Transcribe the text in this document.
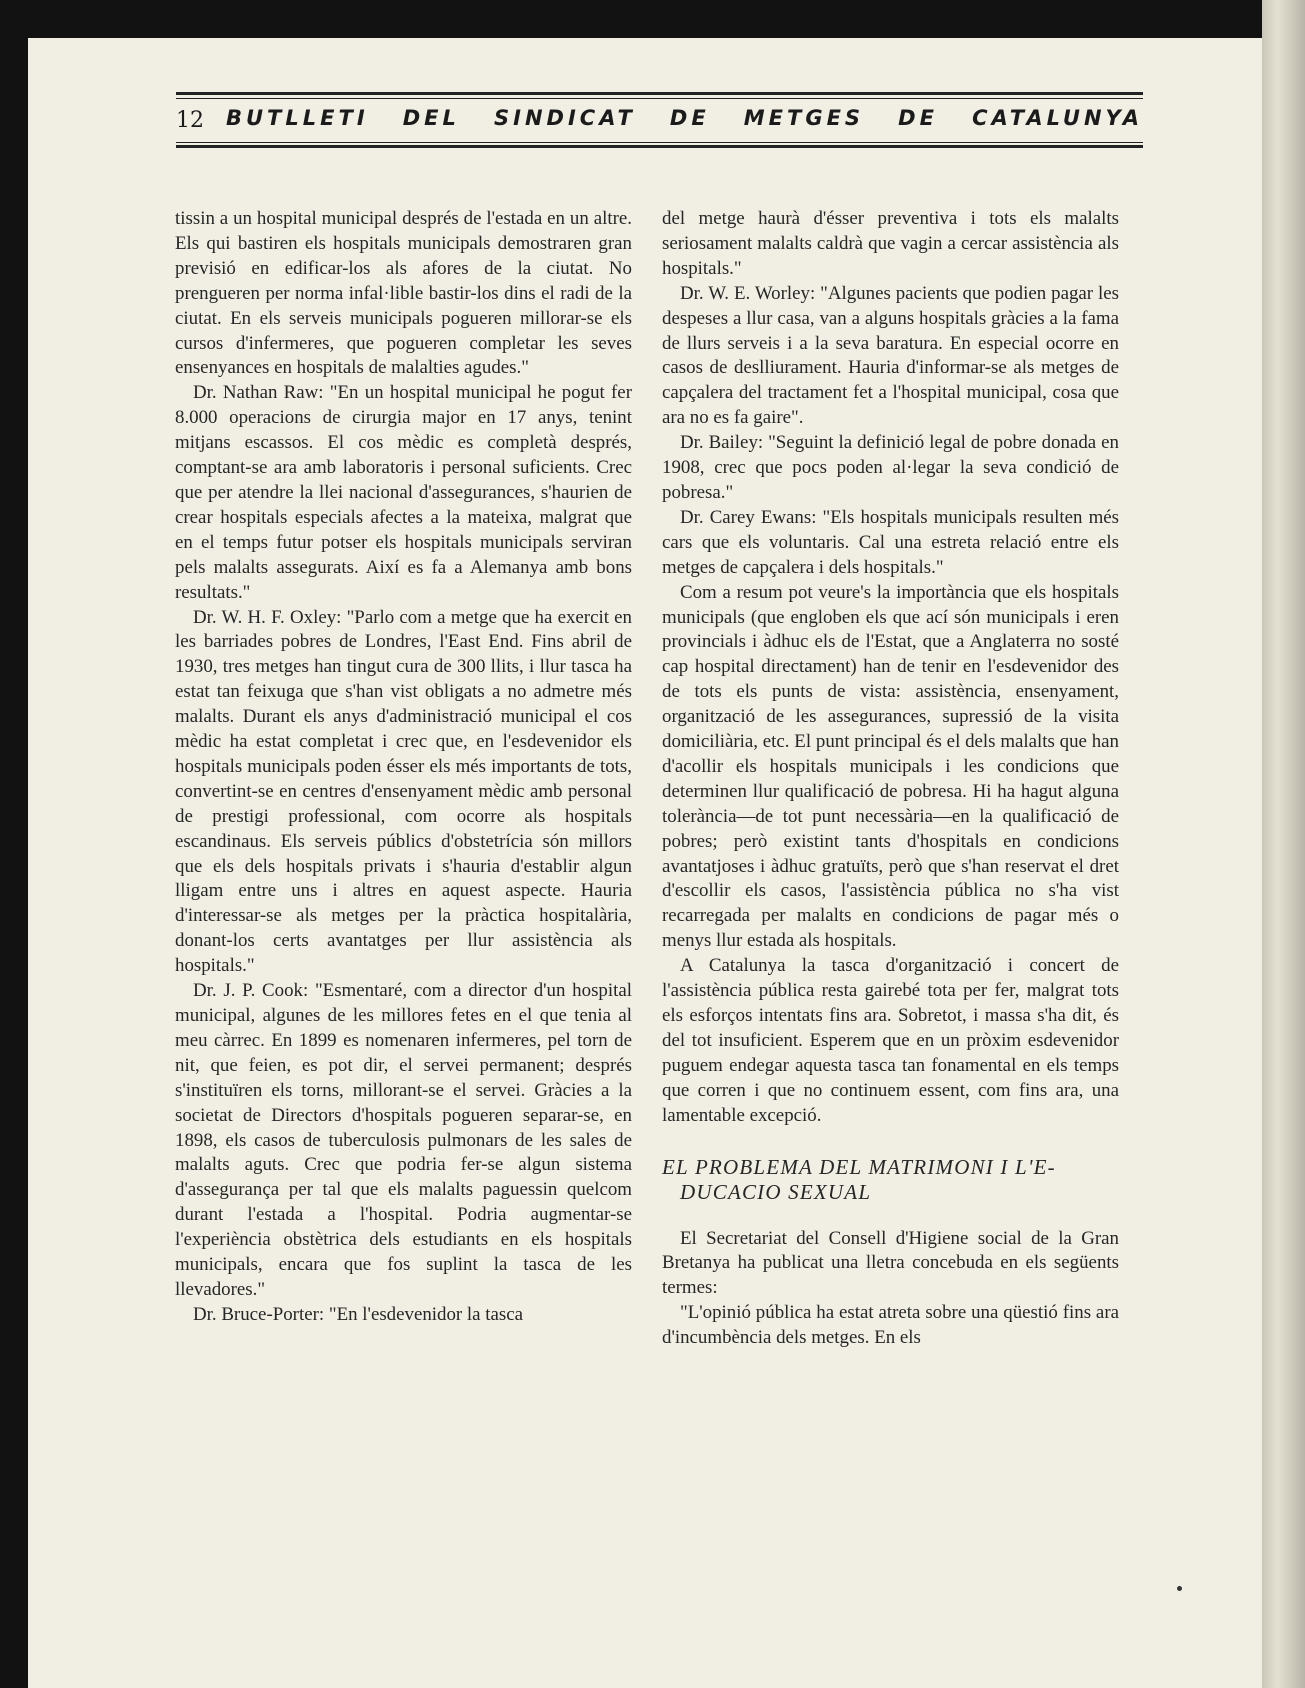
12 BUTLLETI DEL SINDICAT DE METGES DE CATALUNYA

tissin a un hospital municipal després de l'estada en un altre. Els qui bastiren els hospitals municipals demostraren gran previsió en edificar-los als afores de la ciutat. No prengueren per norma infal·lible bastir-los dins el radi de la ciutat. En els serveis municipals pogueren millorar-se els cursos d'infermeres, que pogueren completar les seves ensenyances en hospitals de malalties agudes."

Dr. Nathan Raw: "En un hospital municipal he pogut fer 8.000 operacions de cirurgia major en 17 anys, tenint mitjans escassos. El cos mèdic es completà després, comptant-se ara amb laboratoris i personal suficients. Crec que per atendre la llei nacional d'assegurances, s'haurien de crear hospitals especials afectes a la mateixa, malgrat que en el temps futur potser els hospitals municipals serviran pels malalts assegurats. Així es fa a Alemanya amb bons resultats."

Dr. W. H. F. Oxley: "Parlo com a metge que ha exercit en les barriades pobres de Londres, l'East End. Fins abril de 1930, tres metges han tingut cura de 300 llits, i llur tasca ha estat tan feixuga que s'han vist obligats a no admetre més malalts. Durant els anys d'administració municipal el cos mèdic ha estat completat i crec que, en l'esdevenidor els hospitals municipals poden ésser els més importants de tots, convertint-se en centres d'ensenyament mèdic amb personal de prestigi professional, com ocorre als hospitals escandinaus. Els serveis públics d'obstetrícia són millors que els dels hospitals privats i s'hauria d'establir algun lligam entre uns i altres en aquest aspecte. Hauria d'interessar-se als metges per la pràctica hospitalària, donant-los certs avantatges per llur assistència als hospitals."

Dr. J. P. Cook: "Esmentaré, com a director d'un hospital municipal, algunes de les millores fetes en el que tenia al meu càrrec. En 1899 es nomenaren infermeres, pel torn de nit, que feien, es pot dir, el servei permanent; després s'instituïren els torns, millorant-se el servei. Gràcies a la societat de Directors d'hospitals pogueren separar-se, en 1898, els casos de tuberculosis pulmonars de les sales de malalts aguts. Crec que podria fer-se algun sistema d'assegurança per tal que els malalts paguessin quelcom durant l'estada a l'hospital. Podria augmentar-se l'experiència obstètrica dels estudiants en els hospitals municipals, encara que fos suplint la tasca de les llevadores."

Dr. Bruce-Porter: "En l'esdevenidor la tasca

del metge haurà d'ésser preventiva i tots els malalts seriosament malalts caldrà que vagin a cercar assistència als hospitals."

Dr. W. E. Worley: "Algunes pacients que podien pagar les despeses a llur casa, van a alguns hospitals gràcies a la fama de llurs serveis i a la seva baratura. En especial ocorre en casos de deslliurament. Hauria d'informar-se als metges de capçalera del tractament fet a l'hospital municipal, cosa que ara no es fa gaire".

Dr. Bailey: "Seguint la definició legal de pobre donada en 1908, crec que pocs poden al·legar la seva condició de pobresa."

Dr. Carey Ewans: "Els hospitals municipals resulten més cars que els voluntaris. Cal una estreta relació entre els metges de capçalera i dels hospitals."

Com a resum pot veure's la importància que els hospitals municipals (que engloben els que ací són municipals i eren provincials i àdhuc els de l'Estat, que a Anglaterra no sosté cap hospital directament) han de tenir en l'esdevenidor des de tots els punts de vista: assistència, ensenyament, organització de les assegurances, supressió de la visita domiciliària, etc. El punt principal és el dels malalts que han d'acollir els hospitals municipals i les condicions que determinen llur qualificació de pobresa. Hi ha hagut alguna tolerància—de tot punt necessària—en la qualificació de pobres; però existint tants d'hospitals en condicions avantatjoses i àdhuc gratuïts, però que s'han reservat el dret d'escollir els casos, l'assistència pública no s'ha vist recarregada per malalts en condicions de pagar més o menys llur estada als hospitals.

A Catalunya la tasca d'organització i concert de l'assistència pública resta gairebé tota per fer, malgrat tots els esforços intentats fins ara. Sobretot, i massa s'ha dit, és del tot insuficient. Esperem que en un pròxim esdevenidor puguem endegar aquesta tasca tan fonamental en els temps que corren i que no continuem essent, com fins ara, una lamentable excepció.

EL PROBLEMA DEL MATRIMONI I L'E-
DUCACIO SEXUAL

El Secretariat del Consell d'Higiene social de la Gran Bretanya ha publicat una lletra concebuda en els següents termes:

"L'opinió pública ha estat atreta sobre una qüestió fins ara d'incumbència dels metges. En els
